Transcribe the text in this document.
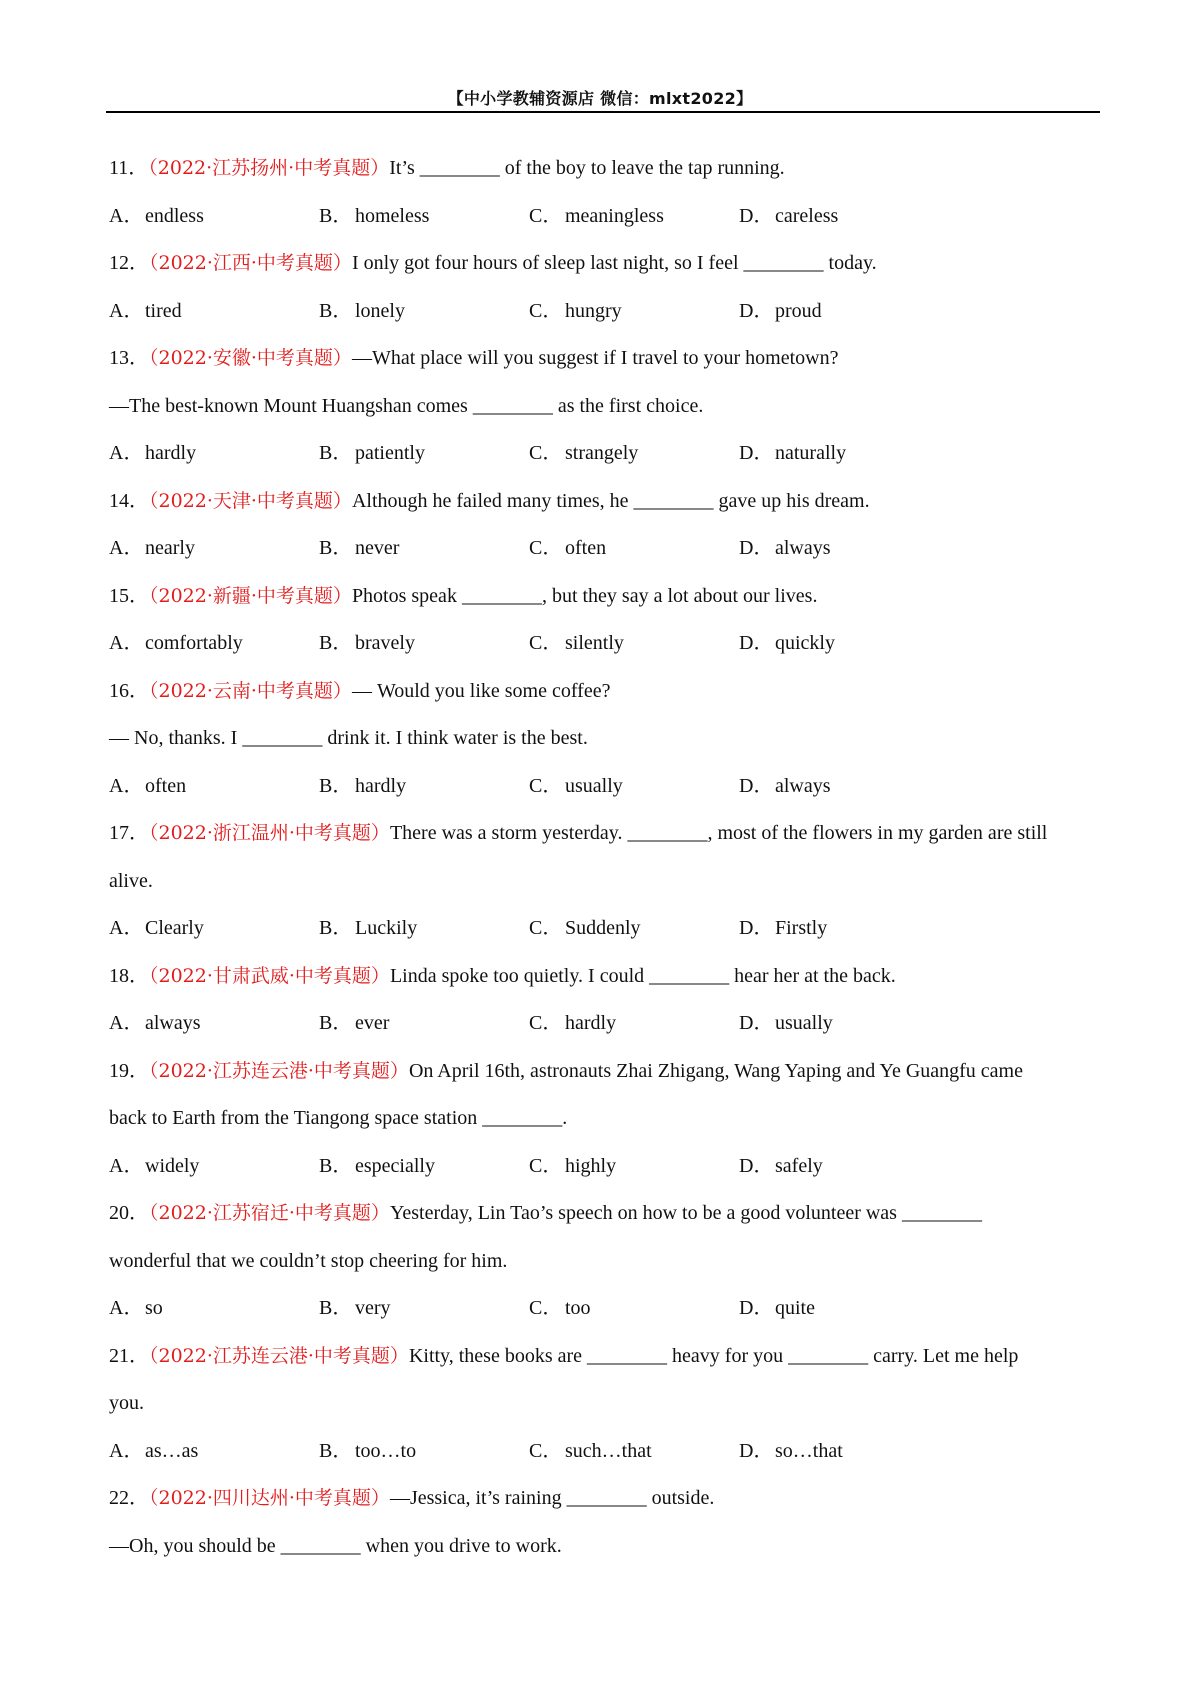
【中小学教辅资源店 微信：mlxt2022】
11．（2022·江苏扬州·中考真题）It’s ________ of the boy to leave the tap running.
A．endless	B． homeless	C． meaningless	D．careless
12．（2022·江西·中考真题）I only got four hours of sleep last night, so I feel ________ today.
A．tired	B． lonely	C． hungry	D．proud
13．（2022·安徽·中考真题）—What place will you suggest if I travel to your hometown?
—The best-known Mount Huangshan comes ________ as the first choice.
A．hardly	B． patiently	C． strangely	D．naturally
14．（2022·天津·中考真题）Although he failed many times, he ________ gave up his dream.
A．nearly	B． never	C． often	D．always
15．（2022·新疆·中考真题）Photos speak ________, but they say a lot about our lives.
A．comfortably	B． bravely	C． silently	D．quickly
16．（2022·云南·中考真题）— Would you like some coffee?
— No, thanks. I ________ drink it. I think water is the best.
A．often	B． hardly	C． usually	D．always
17．（2022·浙江温州·中考真题）There was a storm yesterday. ________, most of the flowers in my garden are still
alive.
A．Clearly	B． Luckily	C． Suddenly	D．Firstly
18．（2022·甘肃武威·中考真题）Linda spoke too quietly. I could ________ hear her at the back.
A．always	B． ever	C． hardly	D．usually
19．（2022·江苏连云港·中考真题）On April 16th, astronauts Zhai Zhigang, Wang Yaping and Ye Guangfu came
back to Earth from the Tiangong space station ________.
A．widely	B． especially	C． highly	D．safely
20．（2022·江苏宿迁·中考真题）Yesterday, Lin Tao’s speech on how to be a good volunteer was ________
wonderful that we couldn’t stop cheering for him.
A．so	B． very	C． too	D．quite
21．（2022·江苏连云港·中考真题）Kitty, these books are ________ heavy for you ________ carry. Let me help
you.
A．as…as	B． too…to	C． such…that	D．so…that
22．（2022·四川达州·中考真题）—Jessica, it’s raining ________ outside.
—Oh, you should be ________ when you drive to work.
